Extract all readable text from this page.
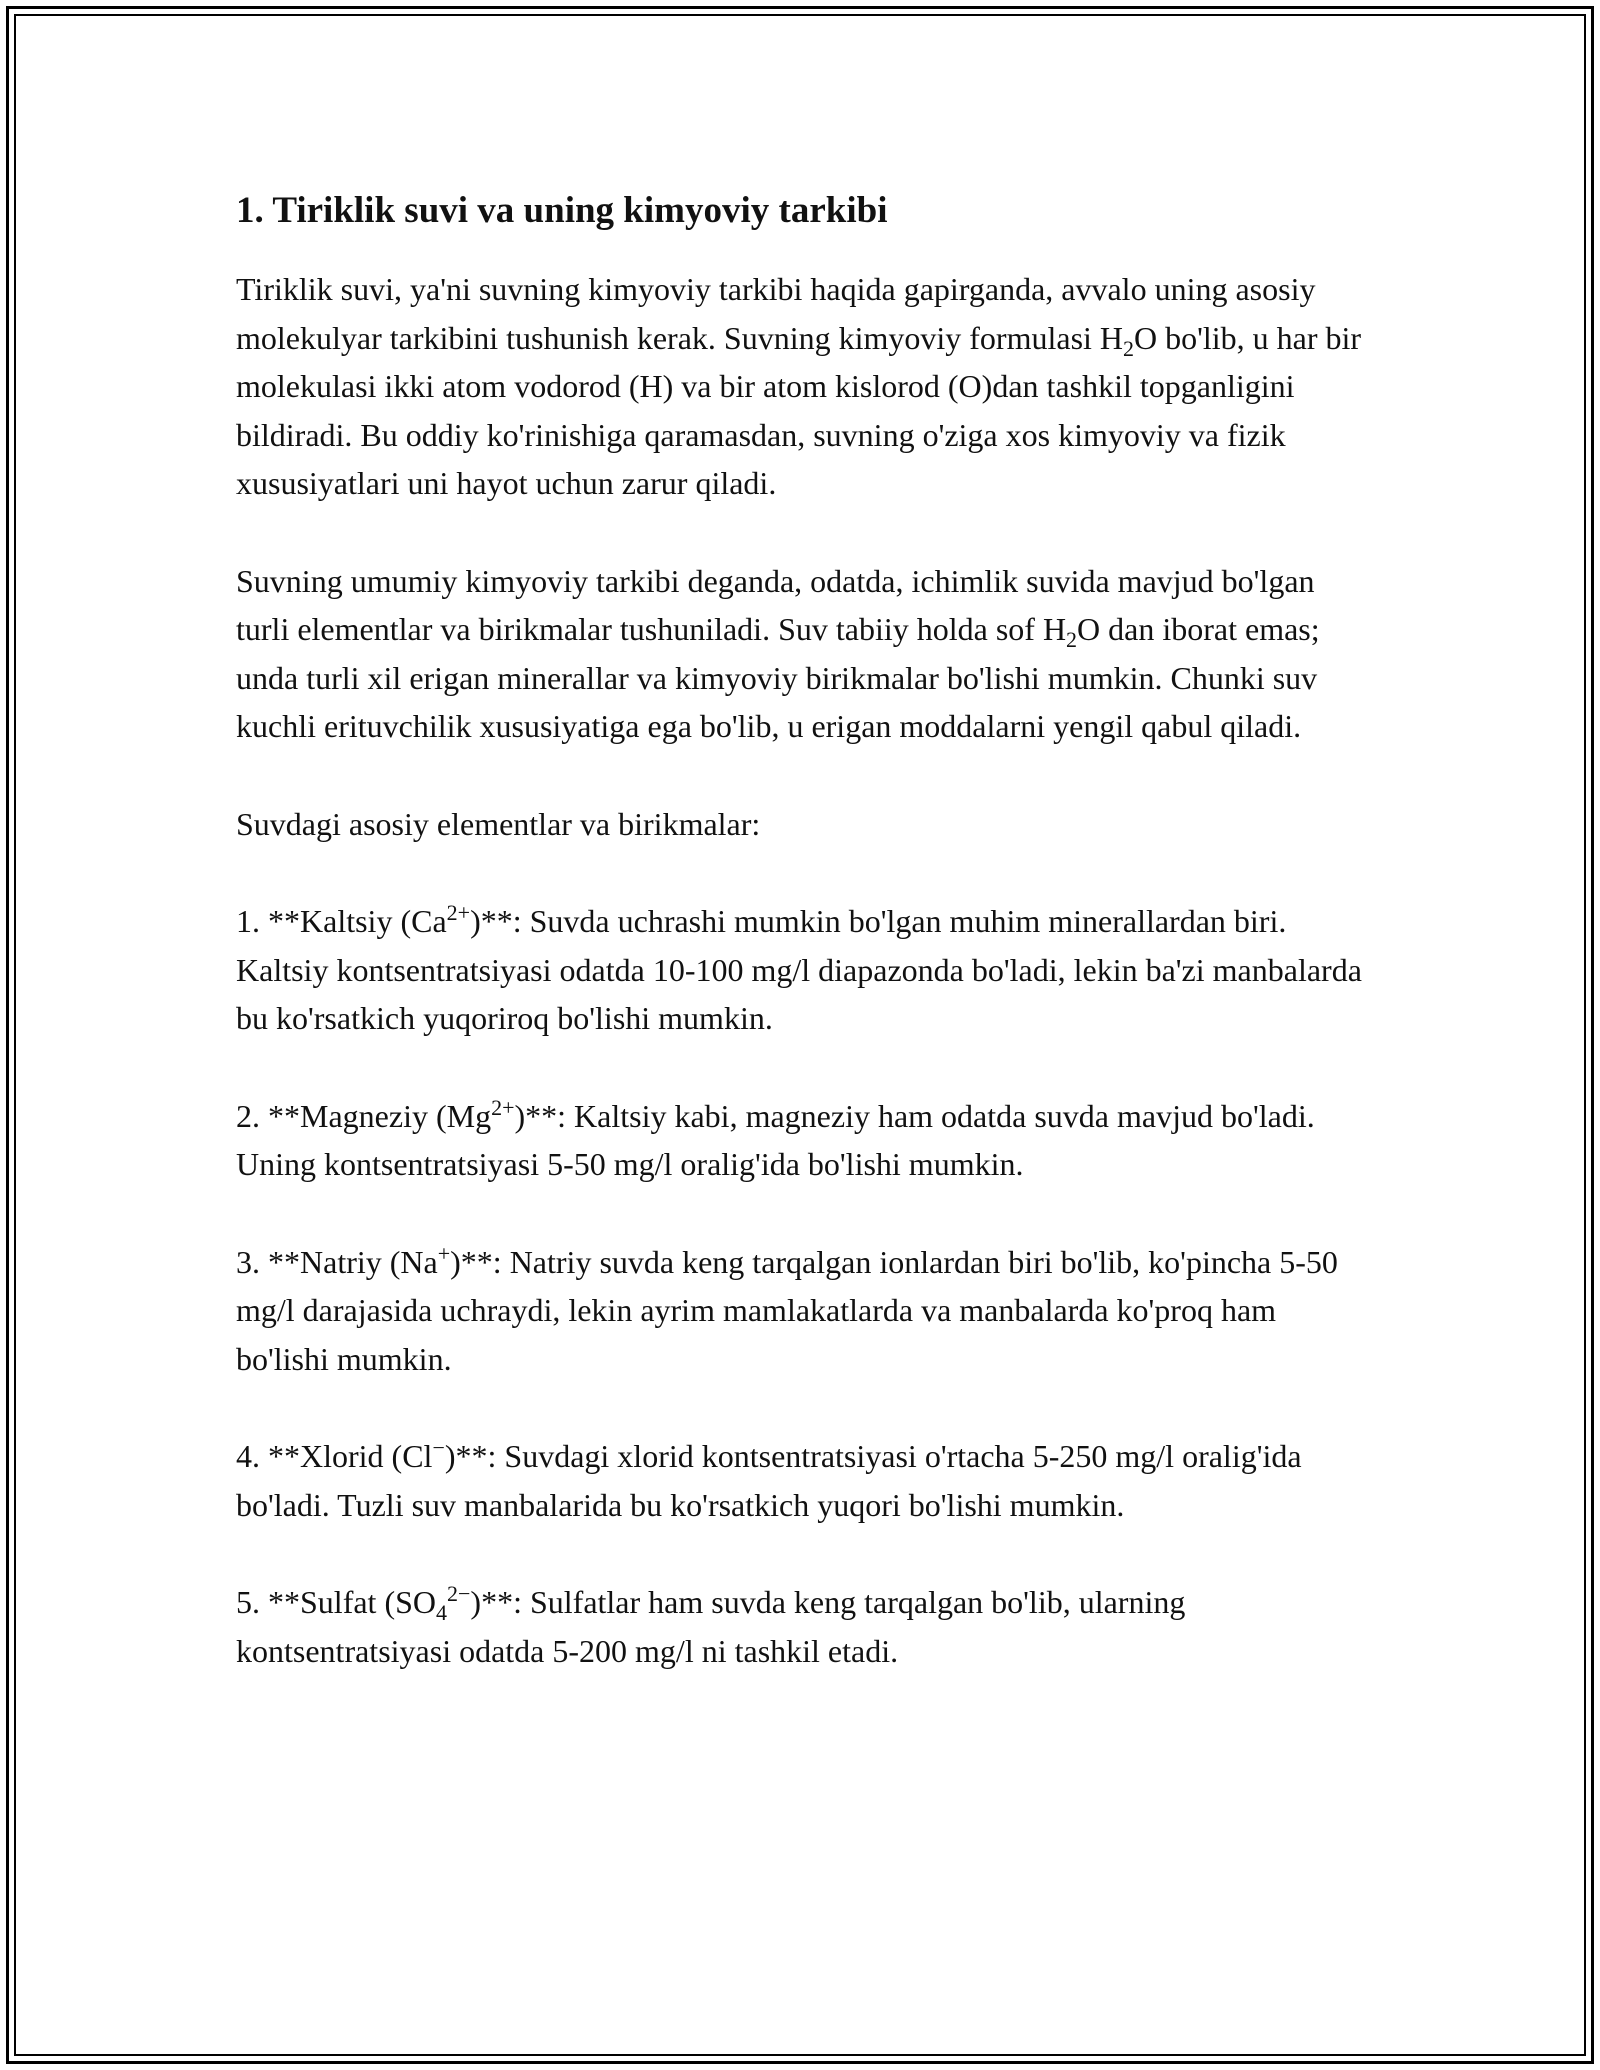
1. Tiriklik suvi va uning kimyoviy tarkibi

Tiriklik suvi, ya'ni suvning kimyoviy tarkibi haqida gapirganda, avvalo uning asosiy molekulyar tarkibini tushunish kerak. Suvning kimyoviy formulasi $H_2O$ bo'lib, u har bir molekulasi ikki atom vodorod (H) va bir atom kislorod (O)dan tashkil topganligini bildiradi. Bu oddiy ko'rinishiga qaramasdan, suvning o'ziga xos kimyoviy va fizik xususiyatlari uni hayot uchun zarur qiladi.

Suvning umumiy kimyoviy tarkibi deganda, odatda, ichimlik suvida mavjud bo'lgan turli elementlar va birikmalar tushuniladi. Suv tabiiy holda sof $H_2O$ dan iborat emas; unda turli xil erigan minerallar va kimyoviy birikmalar bo'lishi mumkin. Chunki suv kuchli erituvchilik xususiyatiga ega bo'lib, u erigan moddalarni yengil qabul qiladi.

Suvdagi asosiy elementlar va birikmalar:

1. **Kaltsiy $(Ca^{2+})**$: Suvda uchrashi mumkin bo'lgan muhim minerallardan biri. Kaltsiy kontsentratsiyasi odatda 10-100 mg/l diapazonda bo'ladi, lekin ba'zi manbalarda bu ko'rsatkich yuqoriroq bo'lishi mumkin.

2. **Magneziy $(Mg^{2+})**$: Kaltsiy kabi, magneziy ham odatda suvda mavjud bo'ladi. Uning kontsentratsiyasi 5-50 mg/l oralig'ida bo'lishi mumkin.

3. **Natriy (Na+)**: Natriy suvda keng tarqalgan ionlardan biri bo'lib, ko'pincha 5-50 mg/l darajasida uchraydi, lekin ayrim mamlakatlarda va manbalarda ko'proq ham bo'lishi mumkin.

4. **Xlorid (Cl−)**: Suvdagi xlorid kontsentratsiyasi o'rtacha 5-250 mg/l oralig'ida bo'ladi. Tuzli suv manbalarida bu ko'rsatkich yuqori bo'lishi mumkin.

5. **Sulfat $(SO_4^{2-})**$: Sulfatlar ham suvda keng tarqalgan bo'lib, ularning kontsentratsiyasi odatda 5-200 mg/l ni tashkil etadi.
